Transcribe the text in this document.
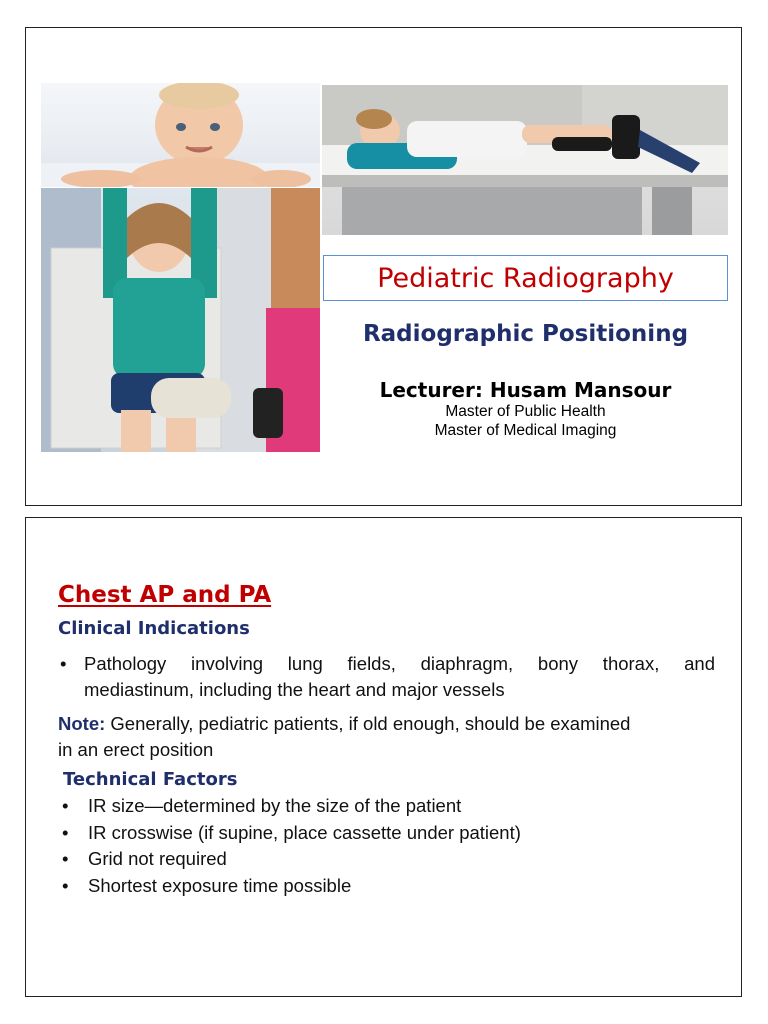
Pediatric Radiography
Radiographic Positioning
Lecturer: Husam Mansour
Master of Public Health
Master of Medical Imaging
Chest AP and PA
Clinical Indications
• Pathology involving lung fields, diaphragm, bony thorax, and
mediastinum, including the heart and major vessels
Note: Generally, pediatric patients, if old enough, should be examined
in an erect position
Technical Factors
• IR size—determined by the size of the patient
• IR crosswise (if supine, place cassette under patient)
• Grid not required
• Shortest exposure time possible
